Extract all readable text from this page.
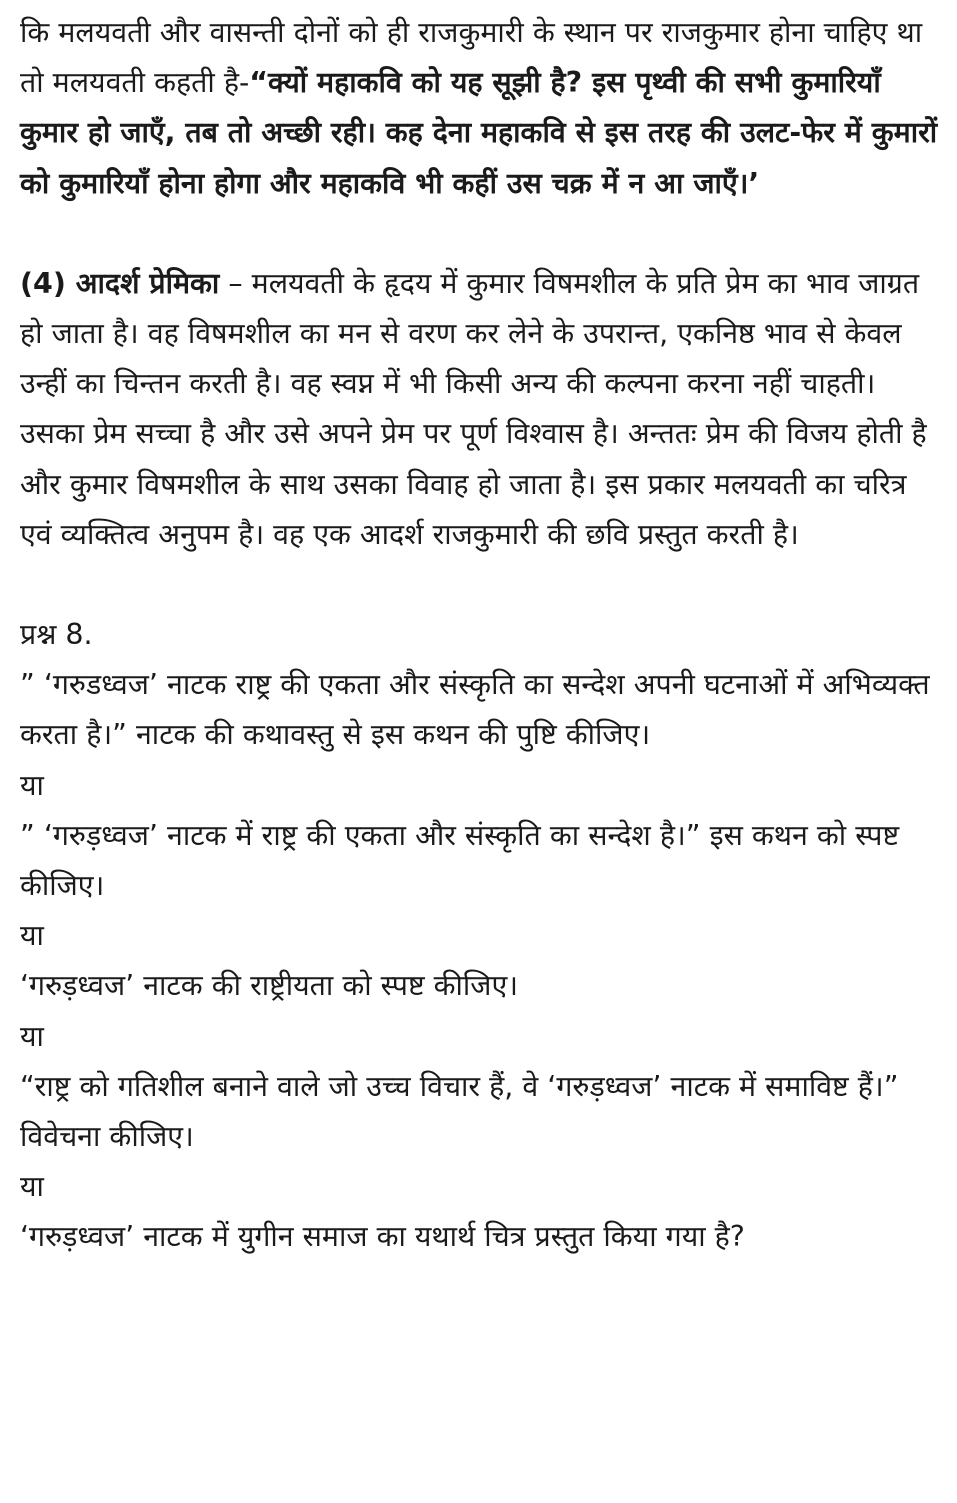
कि मलयवती और वासन्ती दोनों को ही राजकुमारी के स्थान पर राजकुमार होना चाहिए था तो मलयवती कहती है-“क्यों महाकवि को यह सूझी है? इस पृथ्वी की सभी कुमारियाँ कुमार हो जाएँ, तब तो अच्छी रही। कह देना महाकवि से इस तरह की उलट-फेर में कुमारों को कुमारियाँ होना होगा और महाकवि भी कहीं उस चक्र में न आ जाएँ।’

(4) आदर्श प्रेमिका – मलयवती के हृदय में कुमार विषमशील के प्रति प्रेम का भाव जाग्रत हो जाता है। वह विषमशील का मन से वरण कर लेने के उपरान्त, एकनिष्ठ भाव से केवल उन्हीं का चिन्तन करती है। वह स्वप्न में भी किसी अन्य की कल्पना करना नहीं चाहती। उसका प्रेम सच्चा है और उसे अपने प्रेम पर पूर्ण विश्वास है। अन्ततः प्रेम की विजय होती है और कुमार विषमशील के साथ उसका विवाह हो जाता है। इस प्रकार मलयवती का चरित्र एवं व्यक्तित्व अनुपम है। वह एक आदर्श राजकुमारी की छवि प्रस्तुत करती है।

प्रश्न 8.

” ‘गरुडध्वज’ नाटक राष्ट्र की एकता और संस्कृति का सन्देश अपनी घटनाओं में अभिव्यक्त करता है।” नाटक की कथावस्तु से इस कथन की पुष्टि कीजिए।

या

” ‘गरुड़ध्वज’ नाटक में राष्ट्र की एकता और संस्कृति का सन्देश है।” इस कथन को स्पष्ट कीजिए।

या

‘गरुड़ध्वज’ नाटक की राष्ट्रीयता को स्पष्ट कीजिए।

या

“राष्ट्र को गतिशील बनाने वाले जो उच्च विचार हैं, वे ‘गरुड़ध्वज’ नाटक में समाविष्ट हैं।” विवेचना कीजिए।

या

‘गरुड़ध्वज’ नाटक में युगीन समाज का यथार्थ चित्र प्रस्तुत किया गया है?
